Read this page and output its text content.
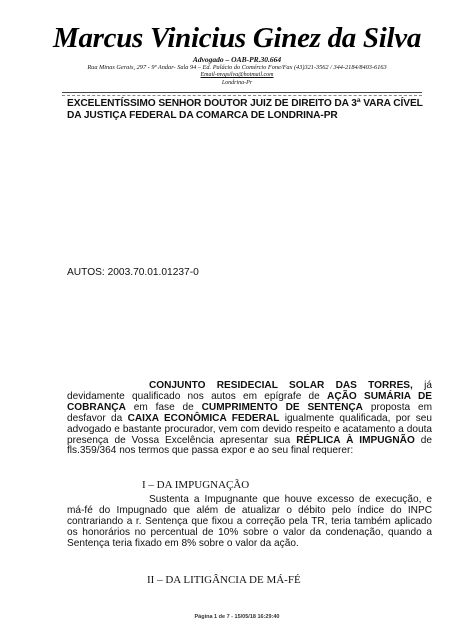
Marcus Vinicius Ginez da Silva
Advogado – OAB-PR.30.664
Rua Minas Gerais, 297 - 9º Andar- Sala 94 – Ed. Palácio do Comércio Fone/Fax (43)321-3562 / 344-2184/8403-6163
Email-mvgsilva@hotmail.com
Londrina-Pr
EXCELENTÍSSIMO SENHOR DOUTOR JUIZ DE DIREITO DA 3ª VARA CÍVEL DA JUSTIÇA FEDERAL DA COMARCA DE LONDRINA-PR
AUTOS: 2003.70.01.01237-0
CONJUNTO RESIDECIAL SOLAR DAS TORRES, já devidamente qualificado nos autos em epígrafe de AÇÃO SUMÁRIA DE COBRANÇA em fase de CUMPRIMENTO DE SENTENÇA proposta em desfavor da CAIXA ECONÔMICA FEDERAL igualmente qualificada, por seu advogado e bastante procurador, vem com devido respeito e acatamento a douta presença de Vossa Excelência apresentar sua RÉPLICA À IMPUGNÃO de fls.359/364 nos termos que passa expor e ao seu final requerer:
I – DA IMPUGNAÇÃO
Sustenta a Impugnante que houve excesso de execução, e má-fé do Impugnado que além de atualizar o débito pelo índice do INPC contrariando a r. Sentença que fixou a correção pela TR, teria também aplicado os honorários no percentual de 10% sobre o valor da condenação, quando a Sentença teria fixado em 8% sobre o valor da ação.
II – DA LITIGÂNCIA DE MÁ-FÉ
Página 1 de 7 - 15/05/18 16:29:40
